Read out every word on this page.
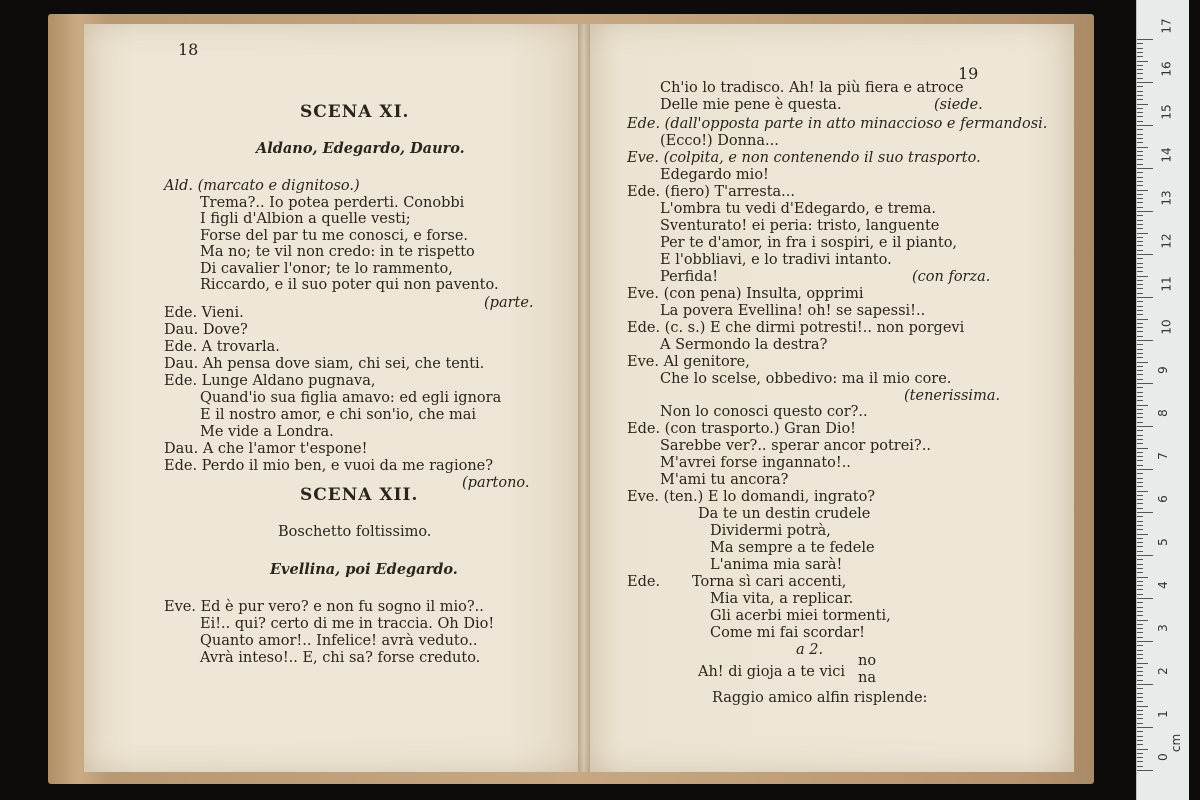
18
19
SCENA XI.
Aldano, Edegardo, Dauro.
Ald. (marcato e dignitoso.)
Trema?.. Io potea perderti. Conobbi
I figli d'Albion a quelle vesti;
Forse del par tu me conosci, e forse.
Ma no; te vil non credo: in te rispetto
Di cavalier l'onor; te lo rammento,
Riccardo, e il suo poter qui non pavento.
(parte.
Ede. Vieni.
Dau. Dove?
Ede. A trovarla.
Dau. Ah pensa dove siam, chi sei, che tenti.
Ede. Lunge Aldano pugnava,
Quand'io sua figlia amavo: ed egli ignora
E il nostro amor, e chi son'io, che mai
Me vide a Londra.
Dau. A che l'amor t'espone!
Ede. Perdo il mio ben, e vuoi da me ragione?
(partono.
SCENA XII.
Boschetto foltissimo.
Evellina, poi Edegardo.
Eve. Ed è pur vero? e non fu sogno il mio?..
Ei!.. qui? certo di me in traccia. Oh Dio!
Quanto amor!.. Infelice! avrà veduto..
Avrà inteso!.. E, chi sa? forse creduto.
Ch'io lo tradisco. Ah! la più fiera e atroce
Delle mie pene è questa.	(siede.
Ede. (dall'opposta parte in atto minaccioso e fermandosi.
(Ecco!) Donna...
Eve. (colpita, e non contenendo il suo trasporto.
Edegardo mio!
Ede. (fiero) T'arresta...
L'ombra tu vedi d'Edegardo, e trema.
Sventurato! ei peria: tristo, languente
Per te d'amor, in fra i sospiri, e il pianto,
E l'obbliavi, e lo tradivi intanto.
Perfida!	(con forza.
Eve. (con pena) Insulta, opprimi
La povera Evellina! oh! se sapessi!..
Ede. (c. s.) E che dirmi potresti!.. non porgevi
A Sermondo la destra?
Eve. Al genitore,
Che lo scelse, obbedivo: ma il mio core.
(tenerissima.
Non lo conosci questo cor?..
Ede. (con trasporto.) Gran Dio!
Sarebbe ver?.. sperar ancor potrei?..
M'avrei forse ingannato!..
M'ami tu ancora?
Eve. (ten.) E lo domandi, ingrato?
Da te un destin crudele
Dividermi potrà,
Ma sempre a te fedele
L'anima mia sarà!
Ede. Torna sì cari accenti,
Mia vita, a replicar.
Gli acerbi miei tormenti,
Come mi fai scordar!
a 2.
Ah! di gioja a te vici
no
na
Raggio amico alfin risplende:
0
1
2
3
4
5
6
7
8
9
10
11
12
13
14
15
16
17
cm
